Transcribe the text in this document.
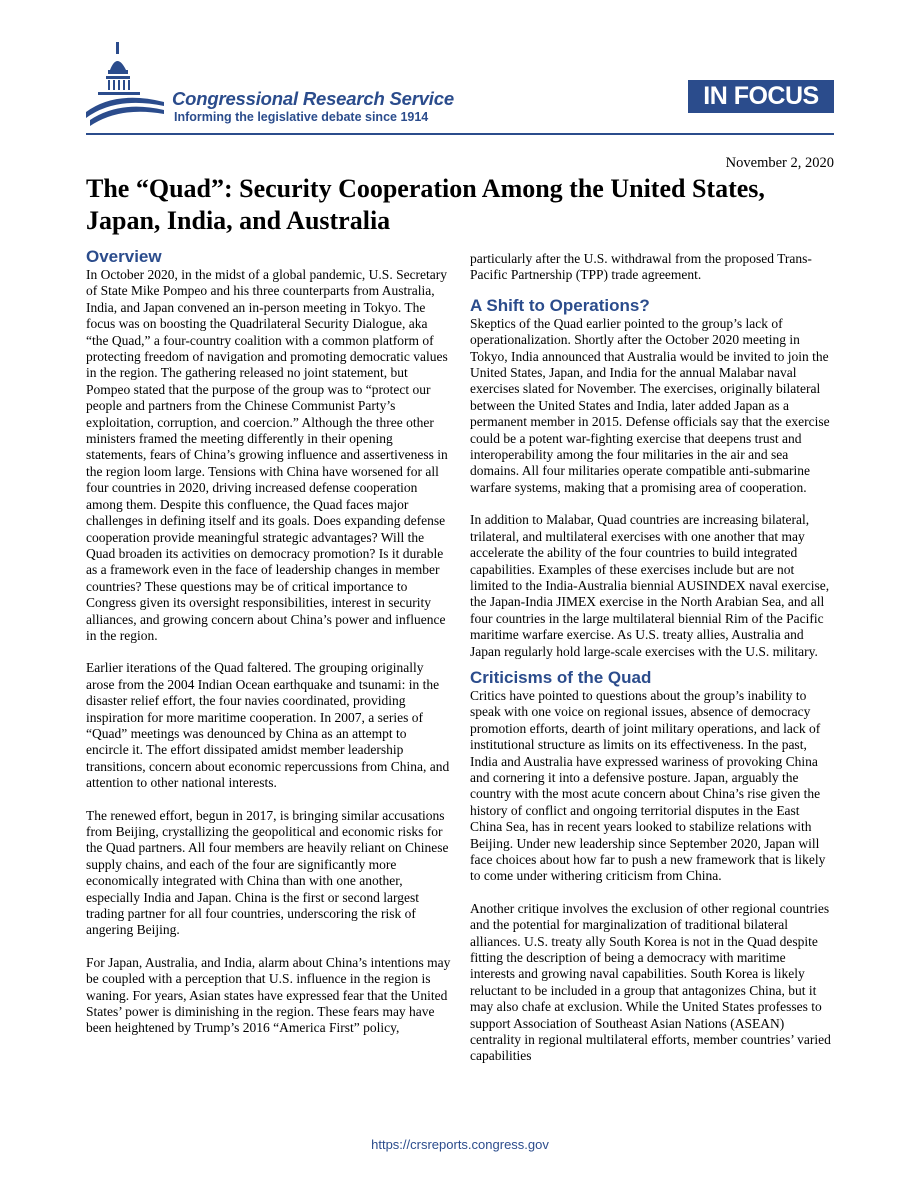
Congressional Research Service
Informing the legislative debate since 1914
IN FOCUS
November 2, 2020
The “Quad”: Security Cooperation Among the United States, Japan, India, and Australia
Overview

In October 2020, in the midst of a global pandemic, U.S. Secretary of State Mike Pompeo and his three counterparts from Australia, India, and Japan convened an in-person meeting in Tokyo. The focus was on boosting the Quadrilateral Security Dialogue, aka “the Quad,” a four-country coalition with a common platform of protecting freedom of navigation and promoting democratic values in the region. The gathering released no joint statement, but Pompeo stated that the purpose of the group was to “protect our people and partners from the Chinese Communist Party’s exploitation, corruption, and coercion.” Although the three other ministers framed the meeting differently in their opening statements, fears of China’s growing influence and assertiveness in the region loom large. Tensions with China have worsened for all four countries in 2020, driving increased defense cooperation among them. Despite this confluence, the Quad faces major challenges in defining itself and its goals. Does expanding defense cooperation provide meaningful strategic advantages? Will the Quad broaden its activities on democracy promotion? Is it durable as a framework even in the face of leadership changes in member countries? These questions may be of critical importance to Congress given its oversight responsibilities, interest in security alliances, and growing concern about China’s power and influence in the region.

Earlier iterations of the Quad faltered. The grouping originally arose from the 2004 Indian Ocean earthquake and tsunami: in the disaster relief effort, the four navies coordinated, providing inspiration for more maritime cooperation. In 2007, a series of “Quad” meetings was denounced by China as an attempt to encircle it. The effort dissipated amidst member leadership transitions, concern about economic repercussions from China, and attention to other national interests.

The renewed effort, begun in 2017, is bringing similar accusations from Beijing, crystallizing the geopolitical and economic risks for the Quad partners. All four members are heavily reliant on Chinese supply chains, and each of the four are significantly more economically integrated with China than with one another, especially India and Japan. China is the first or second largest trading partner for all four countries, underscoring the risk of angering Beijing.

For Japan, Australia, and India, alarm about China’s intentions may be coupled with a perception that U.S. influence in the region is waning. For years, Asian states have expressed fear that the United States’ power is diminishing in the region. These fears may have been heightened by Trump’s 2016 “America First” policy,

particularly after the U.S. withdrawal from the proposed Trans-Pacific Partnership (TPP) trade agreement.

A Shift to Operations?

Skeptics of the Quad earlier pointed to the group’s lack of operationalization. Shortly after the October 2020 meeting in Tokyo, India announced that Australia would be invited to join the United States, Japan, and India for the annual Malabar naval exercises slated for November. The exercises, originally bilateral between the United States and India, later added Japan as a permanent member in 2015. Defense officials say that the exercise could be a potent war-fighting exercise that deepens trust and interoperability among the four militaries in the air and sea domains. All four militaries operate compatible anti-submarine warfare systems, making that a promising area of cooperation.

In addition to Malabar, Quad countries are increasing bilateral, trilateral, and multilateral exercises with one another that may accelerate the ability of the four countries to build integrated capabilities. Examples of these exercises include but are not limited to the India-Australia biennial AUSINDEX naval exercise, the Japan-India JIMEX exercise in the North Arabian Sea, and all four countries in the large multilateral biennial Rim of the Pacific maritime warfare exercise. As U.S. treaty allies, Australia and Japan regularly hold large-scale exercises with the U.S. military.

Criticisms of the Quad

Critics have pointed to questions about the group’s inability to speak with one voice on regional issues, absence of democracy promotion efforts, dearth of joint military operations, and lack of institutional structure as limits on its effectiveness. In the past, India and Australia have expressed wariness of provoking China and cornering it into a defensive posture. Japan, arguably the country with the most acute concern about China’s rise given the history of conflict and ongoing territorial disputes in the East China Sea, has in recent years looked to stabilize relations with Beijing. Under new leadership since September 2020, Japan will face choices about how far to push a new framework that is likely to come under withering criticism from China.

Another critique involves the exclusion of other regional countries and the potential for marginalization of traditional bilateral alliances. U.S. treaty ally South Korea is not in the Quad despite fitting the description of being a democracy with maritime interests and growing naval capabilities. South Korea is likely reluctant to be included in a group that antagonizes China, but it may also chafe at exclusion. While the United States professes to support Association of Southeast Asian Nations (ASEAN) centrality in regional multilateral efforts, member countries’ varied capabilities

https://crsreports.congress.gov
